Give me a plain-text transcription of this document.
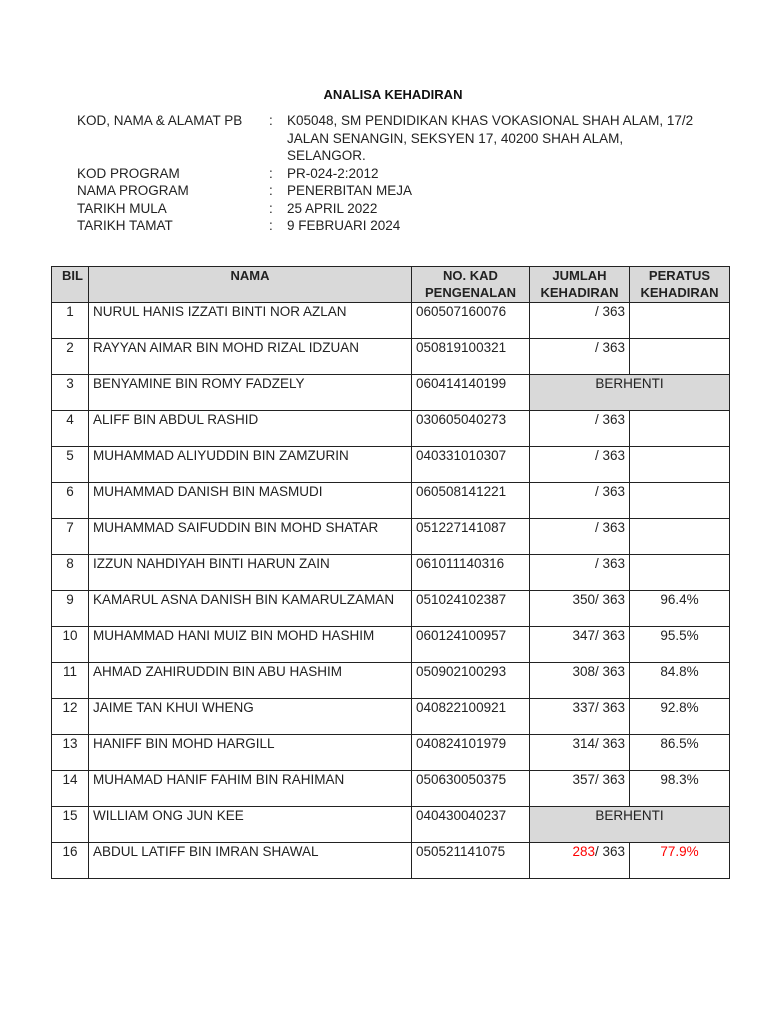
ANALISA KEHADIRAN
KOD, NAMA & ALAMAT PB	:	K05048, SM PENDIDIKAN KHAS VOKASIONAL SHAH ALAM, 17/2 JALAN SENANGIN, SEKSYEN 17, 40200 SHAH ALAM, SELANGOR.
KOD PROGRAM	:	PR-024-2:2012
NAMA PROGRAM	:	PENERBITAN MEJA
TARIKH MULA	:	25 APRIL 2022
TARIKH TAMAT	:	9 FEBRUARI 2024
BIL	NAMA	NO. KAD PENGENALAN	JUMLAH KEHADIRAN	PERATUS KEHADIRAN
1	NURUL HANIS IZZATI BINTI NOR AZLAN	060507160076	/ 363	
2	RAYYAN AIMAR BIN MOHD RIZAL IDZUAN	050819100321	/ 363	
3	BENYAMINE BIN ROMY FADZELY	060414140199	BERHENTI	
4	ALIFF BIN ABDUL RASHID	030605040273	/ 363	
5	MUHAMMAD ALIYUDDIN BIN ZAMZURIN	040331010307	/ 363	
6	MUHAMMAD DANISH BIN MASMUDI	060508141221	/ 363	
7	MUHAMMAD SAIFUDDIN BIN MOHD SHATAR	051227141087	/ 363	
8	IZZUN NAHDIYAH BINTI HARUN ZAIN	061011140316	/ 363	
9	KAMARUL ASNA DANISH BIN KAMARULZAMAN	051024102387	350/ 363	96.4%
10	MUHAMMAD HANI MUIZ BIN MOHD HASHIM	060124100957	347/ 363	95.5%
11	AHMAD ZAHIRUDDIN BIN ABU HASHIM	050902100293	308/ 363	84.8%
12	JAIME TAN KHUI WHENG	040822100921	337/ 363	92.8%
13	HANIFF BIN MOHD HARGILL	040824101979	314/ 363	86.5%
14	MUHAMAD HANIF FAHIM BIN RAHIMAN	050630050375	357/ 363	98.3%
15	WILLIAM ONG JUN KEE	040430040237	BERHENTI	
16	ABDUL LATIFF BIN IMRAN SHAWAL	050521141075	283/ 363	77.9%
